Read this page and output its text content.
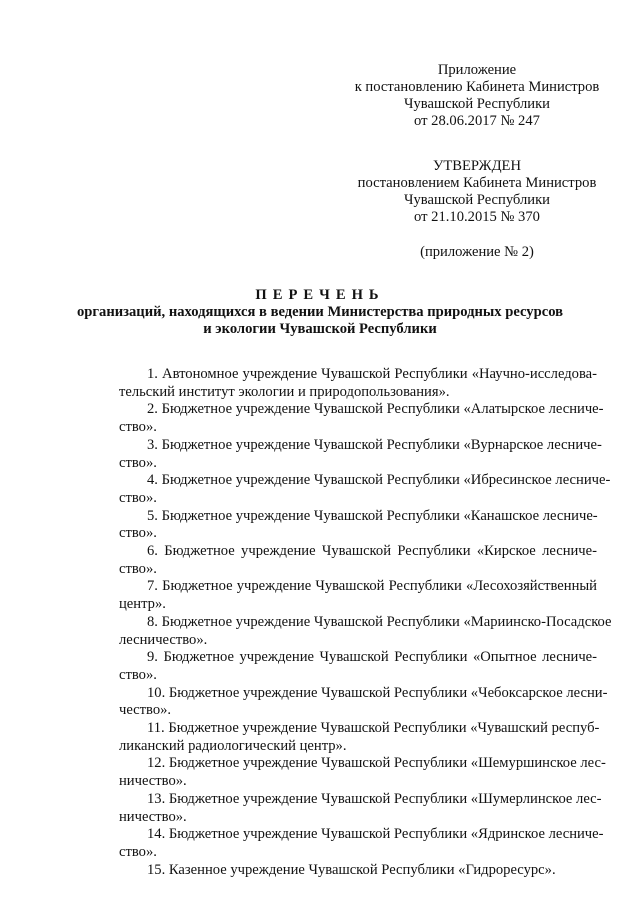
Приложение
к постановлению Кабинета Министров
Чувашской Республики
от 28.06.2017 № 247
УТВЕРЖДЕН
постановлением Кабинета Министров
Чувашской Республики
от 21.10.2015 № 370
(приложение № 2)
ПЕРЕЧЕНЬ
организаций, находящихся в ведении Министерства природных ресурсов
и экологии Чувашской Республики

1. Автономное учреждение Чувашской Республики «Научно-исследова-
тельский институт экологии и природопользования».

2. Бюджетное учреждение Чувашской Республики «Алатырское лесниче-
ство».

3. Бюджетное учреждение Чувашской Республики «Вурнарское лесниче-
ство».

4. Бюджетное учреждение Чувашской Республики «Ибресинское лесниче-
ство».

5. Бюджетное учреждение Чувашской Республики «Канашское лесниче-
ство».

6. Бюджетное учреждение Чувашской Республики «Кирское лесниче-
ство».

7. Бюджетное учреждение Чувашской Республики «Лесохозяйственный
центр».

8. Бюджетное учреждение Чувашской Республики «Мариинско-Посадское
лесничество».

9. Бюджетное учреждение Чувашской Республики «Опытное лесниче-
ство».

10. Бюджетное учреждение Чувашской Республики «Чебоксарское лесни-
чество».

11. Бюджетное учреждение Чувашской Республики «Чувашский респуб-
ликанский радиологический центр».

12. Бюджетное учреждение Чувашской Республики «Шемуршинское лес-
ничество».

13. Бюджетное учреждение Чувашской Республики «Шумерлинское лес-
ничество».

14. Бюджетное учреждение Чувашской Республики «Ядринское лесниче-
ство».

15. Казенное учреждение Чувашской Республики «Гидроресурс».
